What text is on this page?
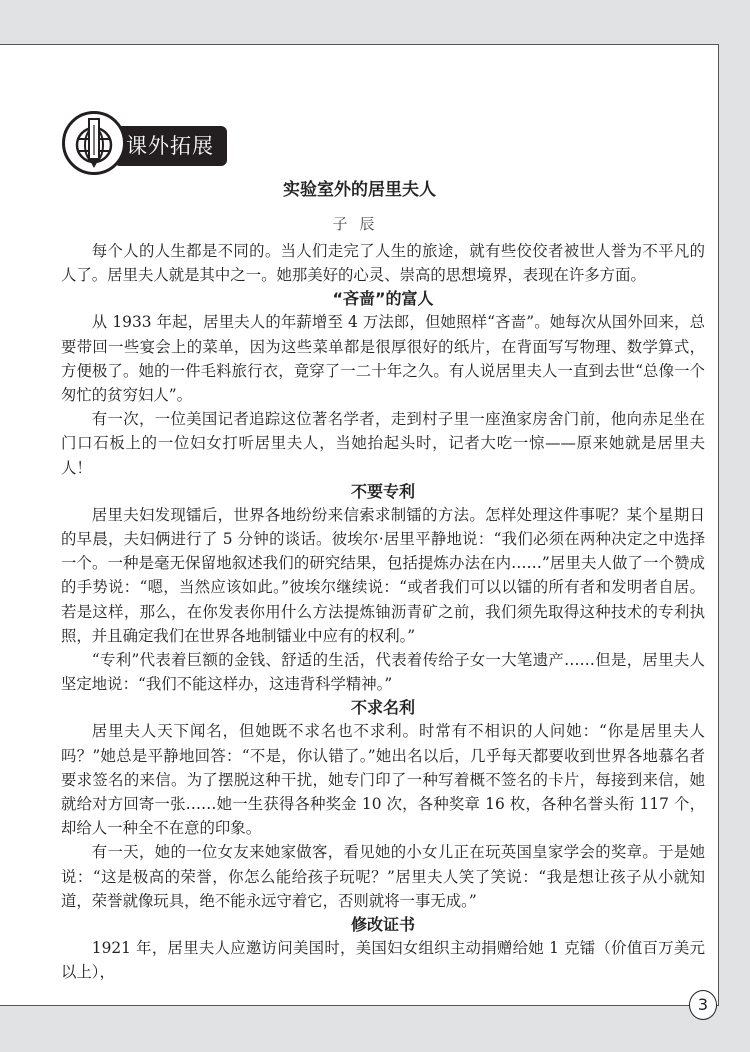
课外拓展
实验室外的居里夫人
子辰

每个人的人生都是不同的。当人们走完了人生的旅途，就有些佼佼者被世人誉为不平凡的人了。居里夫人就是其中之一。她那美好的心灵、崇高的思想境界，表现在许多方面。

“吝啬”的富人

从 1933 年起，居里夫人的年薪增至 4 万法郎，但她照样“吝啬”。她每次从国外回来，总要带回一些宴会上的菜单，因为这些菜单都是很厚很好的纸片，在背面写写物理、数学算式，方便极了。她的一件毛料旅行衣，竟穿了一二十年之久。有人说居里夫人一直到去世“总像一个匆忙的贫穷妇人”。

有一次，一位美国记者追踪这位著名学者，走到村子里一座渔家房舍门前，他向赤足坐在门口石板上的一位妇女打听居里夫人，当她抬起头时，记者大吃一惊——原来她就是居里夫人！

不要专利

居里夫妇发现镭后，世界各地纷纷来信索求制镭的方法。怎样处理这件事呢？某个星期日的早晨，夫妇俩进行了 5 分钟的谈话。彼埃尔·居里平静地说：“我们必须在两种决定之中选择一个。一种是毫无保留地叙述我们的研究结果，包括提炼办法在内……”居里夫人做了一个赞成的手势说：“嗯，当然应该如此。”彼埃尔继续说：“或者我们可以以镭的所有者和发明者自居。若是这样，那么，在你发表你用什么方法提炼铀沥青矿之前，我们须先取得这种技术的专利执照，并且确定我们在世界各地制镭业中应有的权利。”

“专利”代表着巨额的金钱、舒适的生活，代表着传给子女一大笔遗产……但是，居里夫人坚定地说：“我们不能这样办，这违背科学精神。”

不求名利

居里夫人天下闻名，但她既不求名也不求利。时常有不相识的人问她：“你是居里夫人吗？”她总是平静地回答：“不是，你认错了。”她出名以后，几乎每天都要收到世界各地慕名者要求签名的来信。为了摆脱这种干扰，她专门印了一种写着概不签名的卡片，每接到来信，她就给对方回寄一张……她一生获得各种奖金 10 次，各种奖章 16 枚，各种名誉头衔 117 个，却给人一种全不在意的印象。

有一天，她的一位女友来她家做客，看见她的小女儿正在玩英国皇家学会的奖章。于是她说：“这是极高的荣誉，你怎么能给孩子玩呢？”居里夫人笑了笑说：“我是想让孩子从小就知道，荣誉就像玩具，绝不能永远守着它，否则就将一事无成。”

修改证书

1921 年，居里夫人应邀访问美国时，美国妇女组织主动捐赠给她 1 克镭（价值百万美元以上），

3
